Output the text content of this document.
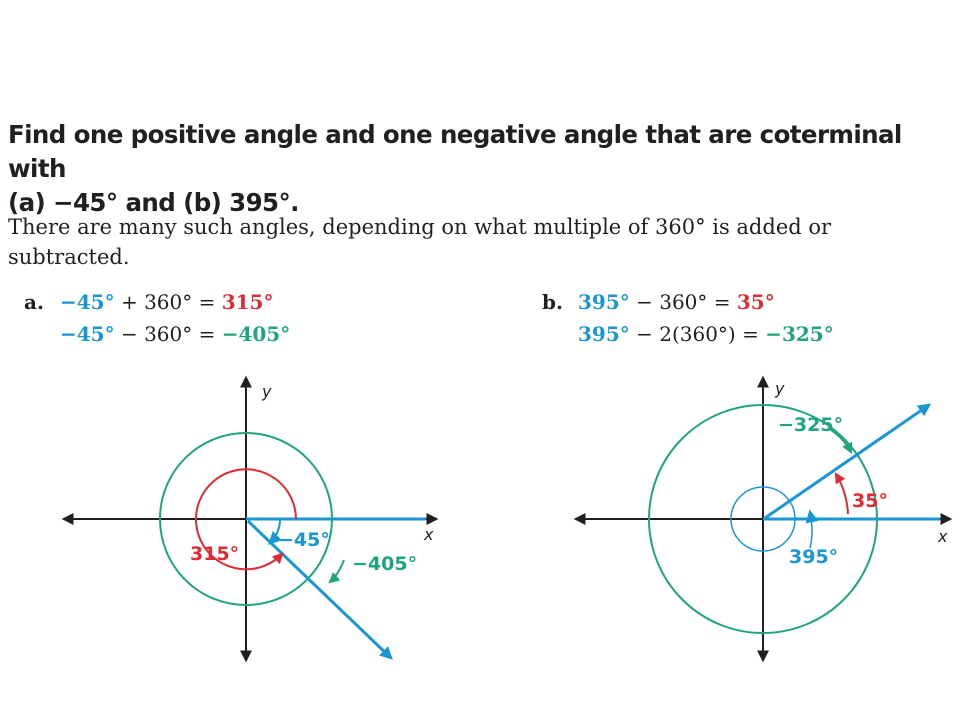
Find one positive angle and one negative angle that are coterminal with
(a) −45° and (b) 395°.
There are many such angles, depending on what multiple of 360° is added or
subtracted.
a. −45° + 360° = 315°
−45° − 360° = −405°
b. 395° − 360° = 35°
395° − 2(360°) = −325°
y
x
−45°
315°	−405°
y
x
−325°
35°
395°
